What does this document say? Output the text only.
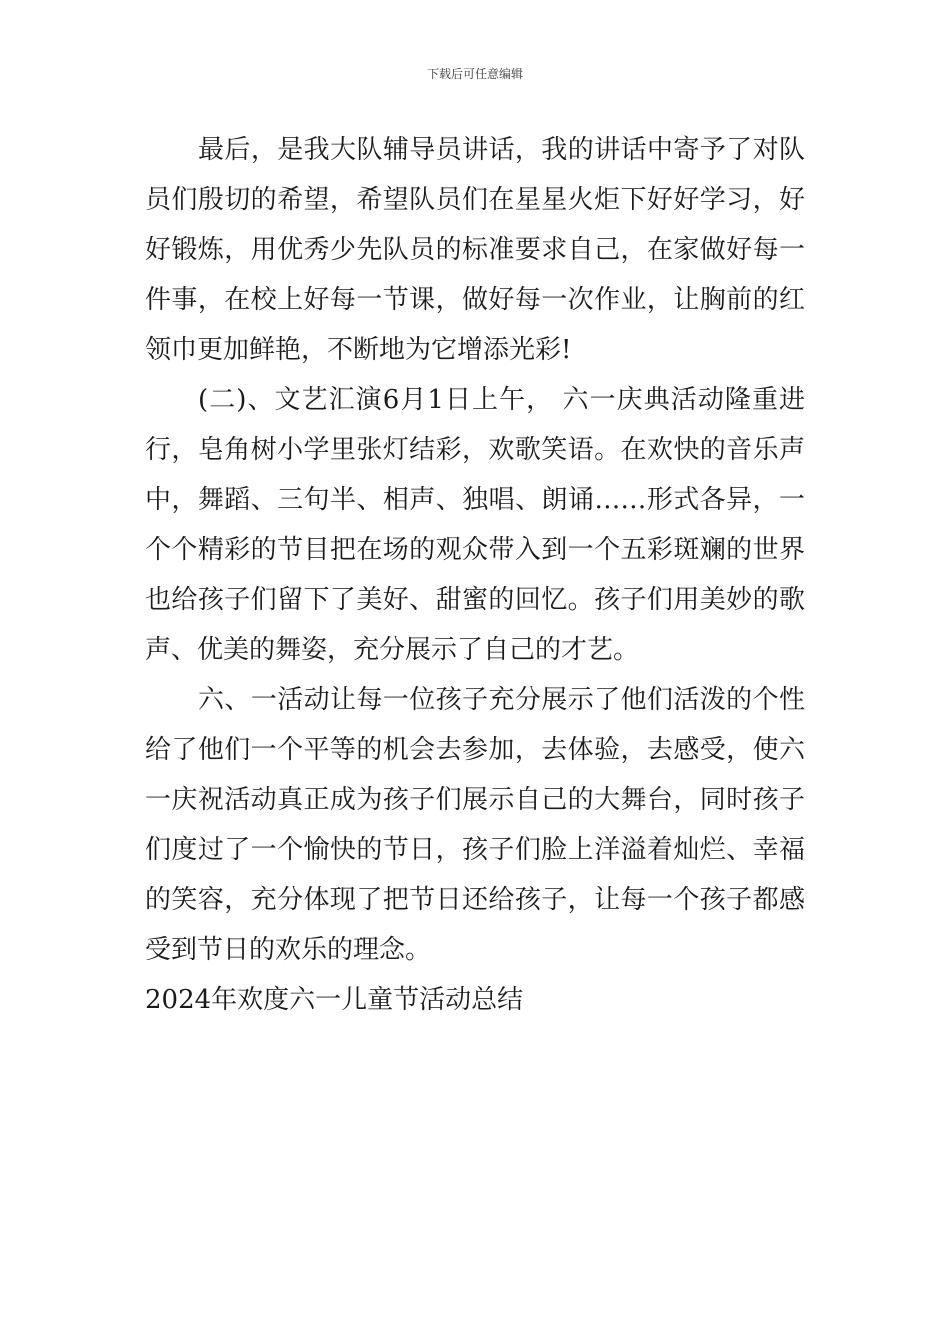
下载后可任意编辑
最后，是我大队辅导员讲话，我的讲话中寄予了对队
员们殷切的希望，希望队员们在星星火炬下好好学习，好
好锻炼，用优秀少先队员的标准要求自己，在家做好每一
件事，在校上好每一节课，做好每一次作业，让胸前的红
领巾更加鲜艳，不断地为它增添光彩!
(二)、文艺汇演6月1日上午， 六一庆典活动隆重进
行，皂角树小学里张灯结彩，欢歌笑语。在欢快的音乐声
中，舞蹈、三句半、相声、独唱、朗诵……形式各异，一
个个精彩的节目把在场的观众带入到一个五彩斑斓的世界
也给孩子们留下了美好、甜蜜的回忆。孩子们用美妙的歌
声、优美的舞姿，充分展示了自己的才艺。
六、一活动让每一位孩子充分展示了他们活泼的个性
给了他们一个平等的机会去参加，去体验，去感受，使六
一庆祝活动真正成为孩子们展示自己的大舞台，同时孩子
们度过了一个愉快的节日，孩子们脸上洋溢着灿烂、幸福
的笑容，充分体现了把节日还给孩子，让每一个孩子都感
受到节日的欢乐的理念。
2024年欢度六一儿童节活动总结
